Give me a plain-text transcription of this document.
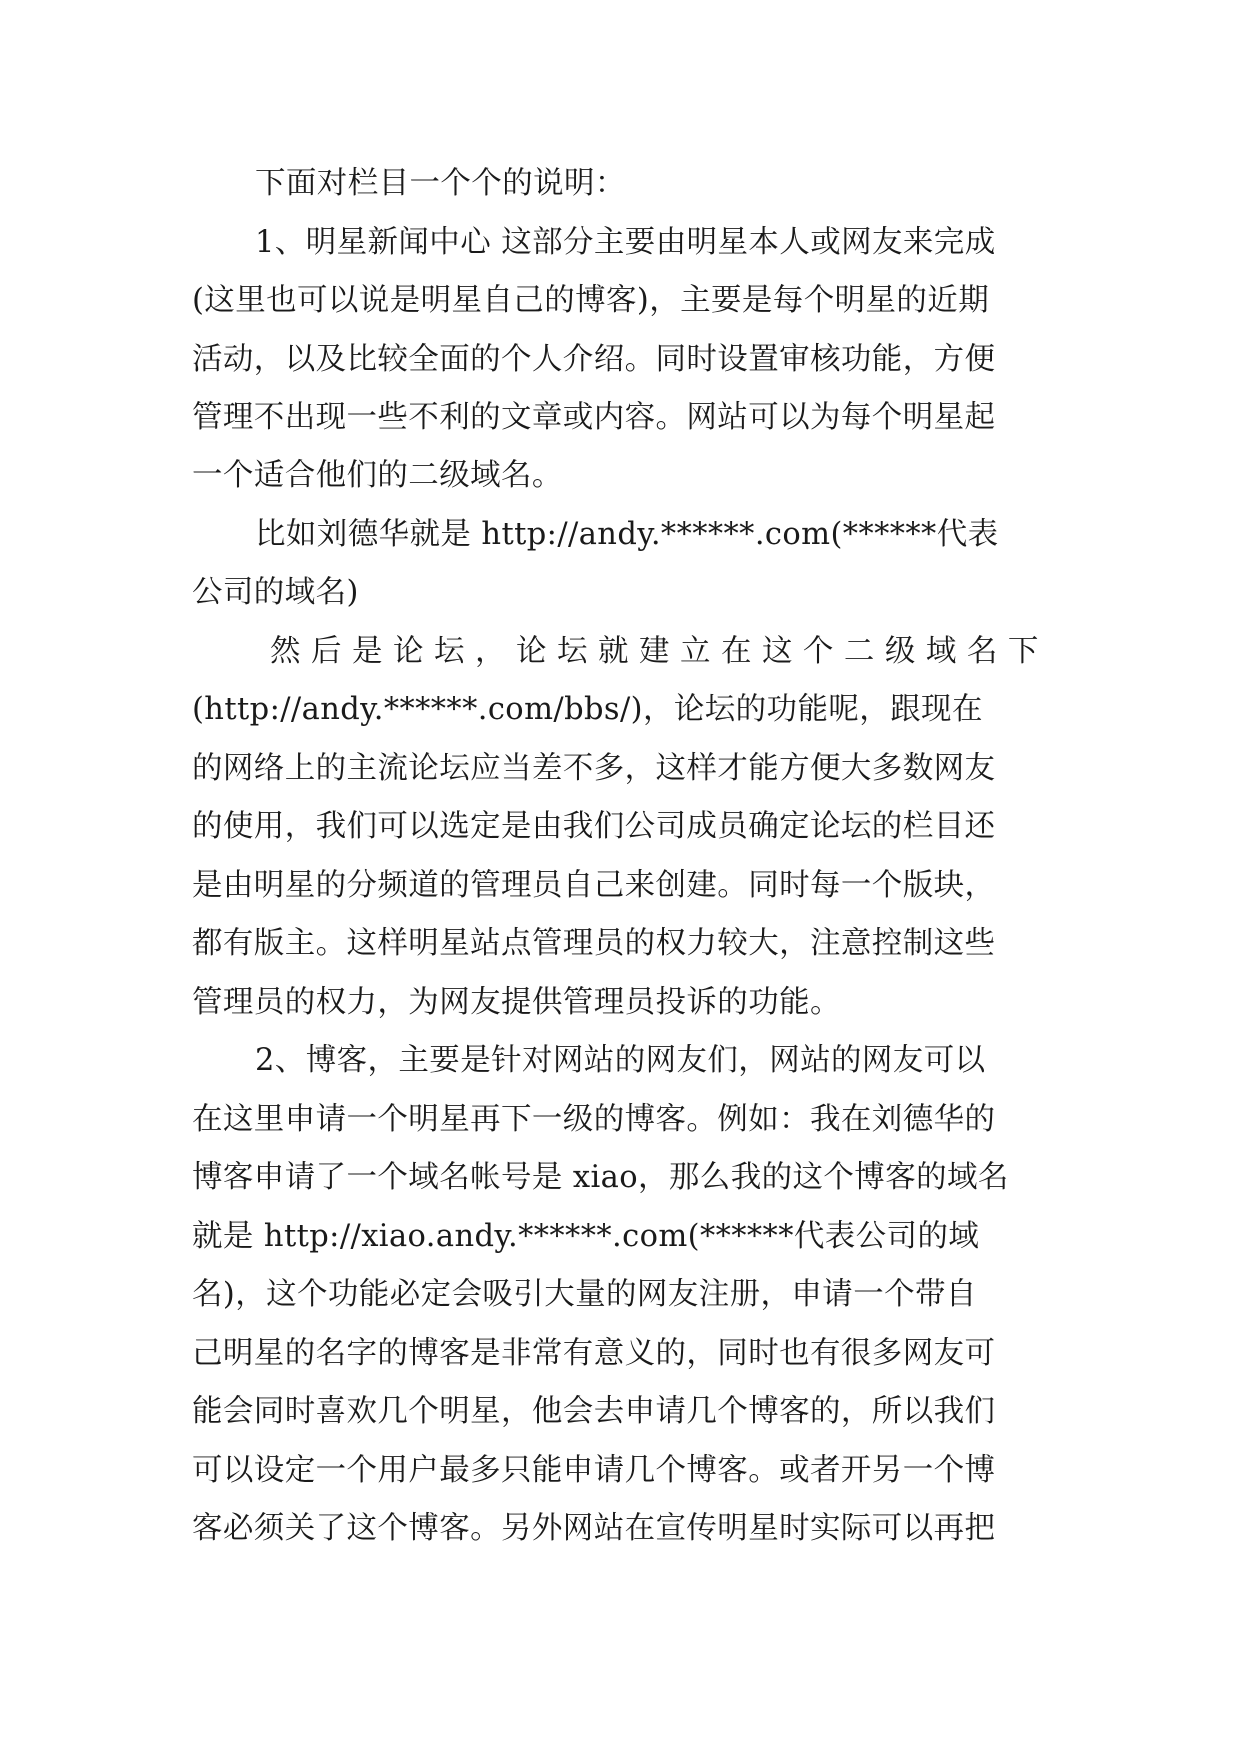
下面对栏目一个个的说明：
1、明星新闻中心 这部分主要由明星本人或网友来完成
(这里也可以说是明星自己的博客)，主要是每个明星的近期
活动，以及比较全面的个人介绍。同时设置审核功能，方便
管理不出现一些不利的文章或内容。网站可以为每个明星起
一个适合他们的二级域名。
比如刘德华就是 http://andy.******.com(******代表
公司的域名)
然 后 是 论 坛 ， 论 坛 就 建 立 在 这 个 二 级 域 名 下
(http://andy.******.com/bbs/)，论坛的功能呢，跟现在
的网络上的主流论坛应当差不多，这样才能方便大多数网友
的使用，我们可以选定是由我们公司成员确定论坛的栏目还
是由明星的分频道的管理员自己来创建。同时每一个版块，
都有版主。这样明星站点管理员的权力较大，注意控制这些
管理员的权力，为网友提供管理员投诉的功能。
2、博客，主要是针对网站的网友们，网站的网友可以
在这里申请一个明星再下一级的博客。例如：我在刘德华的
博客申请了一个域名帐号是 xiao，那么我的这个博客的域名
就是 http://xiao.andy.******.com(******代表公司的域
名)，这个功能必定会吸引大量的网友注册，申请一个带自
己明星的名字的博客是非常有意义的，同时也有很多网友可
能会同时喜欢几个明星，他会去申请几个博客的，所以我们
可以设定一个用户最多只能申请几个博客。或者开另一个博
客必须关了这个博客。另外网站在宣传明星时实际可以再把
